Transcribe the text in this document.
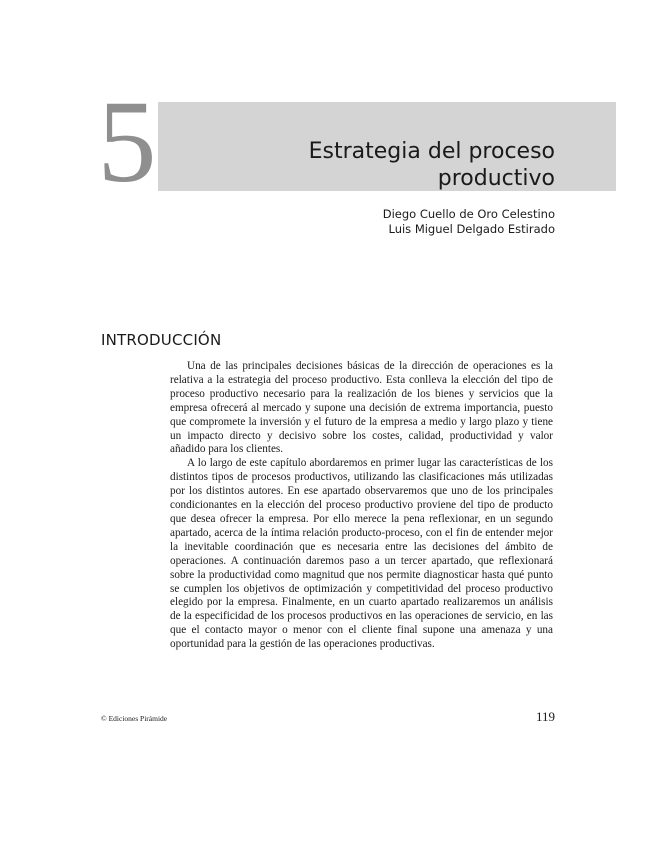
5	Estrategia del proceso
productivo
Diego Cuello de Oro Celestino
Luis Miguel Delgado Estirado
INTRODUCCIÓN

Una de las principales decisiones básicas de la dirección de operaciones es la relativa a la estrategia del proceso productivo. Esta conlleva la elección del tipo de proceso productivo necesario para la realización de los bienes y servicios que la empresa ofrecerá al mercado y supone una decisión de extrema importancia, puesto que compromete la inversión y el futuro de la empresa a medio y largo plazo y tiene un impacto directo y decisivo sobre los costes, calidad, productividad y valor añadido para los clientes.

A lo largo de este capítulo abordaremos en primer lugar las características de los distintos tipos de procesos productivos, utilizando las clasificaciones más utilizadas por los distintos autores. En ese apartado observaremos que uno de los principales condicionantes en la elección del proceso productivo proviene del tipo de producto que desea ofrecer la empresa. Por ello merece la pena reflexionar, en un segundo apartado, acerca de la íntima relación producto-proceso, con el fin de entender mejor la inevitable coordinación que es necesaria entre las decisiones del ámbito de operaciones. A continuación daremos paso a un tercer apartado, que reflexionará sobre la productividad como magnitud que nos permite diagnosticar hasta qué punto se cumplen los objetivos de optimización y competitividad del proceso productivo elegido por la empresa. Finalmente, en un cuarto apartado realizaremos un análisis de la especificidad de los procesos productivos en las operaciones de servicio, en las que el contacto mayor o menor con el cliente final supone una amenaza y una oportunidad para la gestión de las operaciones productivas.

© Ediciones Pirámide	119
